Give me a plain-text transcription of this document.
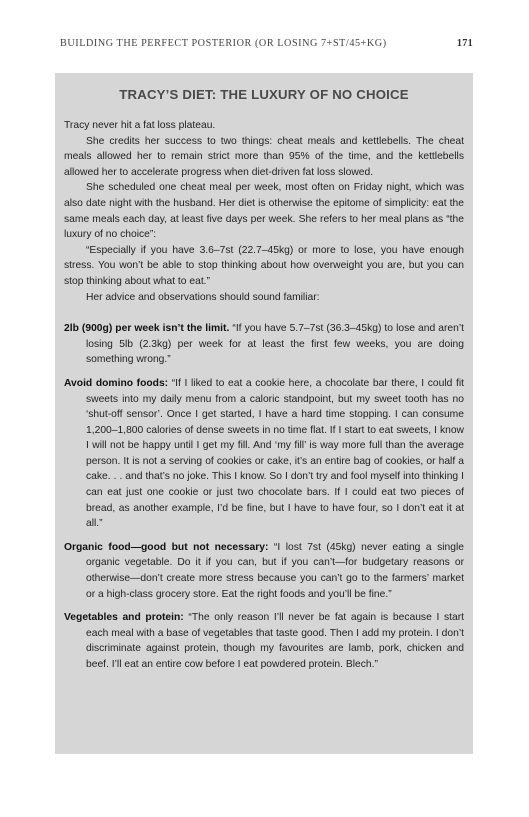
BUILDING THE PERFECT POSTERIOR (OR LOSING 7+ST/45+KG)	171
TRACY’S DIET: THE LUXURY OF NO CHOICE

Tracy never hit a fat loss plateau.

She credits her success to two things: cheat meals and kettlebells. The cheat meals allowed her to remain strict more than 95% of the time, and the kettlebells allowed her to accelerate progress when diet-driven fat loss slowed.

She scheduled one cheat meal per week, most often on Friday night, which was also date night with the husband. Her diet is otherwise the epitome of simplicity: eat the same meals each day, at least five days per week. She refers to her meal plans as “the luxury of no choice”:

“Especially if you have 3.6–7st (22.7–45kg) or more to lose, you have enough stress. You won’t be able to stop thinking about how overweight you are, but you can stop thinking about what to eat.”

Her advice and observations should sound familiar:

2lb (900g) per week isn’t the limit. “If you have 5.7–7st (36.3–45kg) to lose and aren’t losing 5lb (2.3kg) per week for at least the first few weeks, you are doing something wrong.”

Avoid domino foods: “If I liked to eat a cookie here, a chocolate bar there, I could fit sweets into my daily menu from a caloric standpoint, but my sweet tooth has no ‘shut-off sensor’. Once I get started, I have a hard time stopping. I can consume 1,200–1,800 calories of dense sweets in no time flat. If I start to eat sweets, I know I will not be happy until I get my fill. And ‘my fill’ is way more full than the average person. It is not a serving of cookies or cake, it’s an entire bag of cookies, or half a cake. . . and that’s no joke. This I know. So I don’t try and fool myself into thinking I can eat just one cookie or just two chocolate bars. If I could eat two pieces of bread, as another example, I’d be fine, but I have to have four, so I don’t eat it at all.”

Organic food—good but not necessary: “I lost 7st (45kg) never eating a single organic vegetable. Do it if you can, but if you can’t—for budgetary reasons or otherwise—don’t create more stress because you can’t go to the farmers’ market or a high-class grocery store. Eat the right foods and you’ll be fine.”

Vegetables and protein: “The only reason I’ll never be fat again is because I start each meal with a base of vegetables that taste good. Then I add my protein. I don’t discriminate against protein, though my favourites are lamb, pork, chicken and beef. I’ll eat an entire cow before I eat powdered protein. Blech.”
